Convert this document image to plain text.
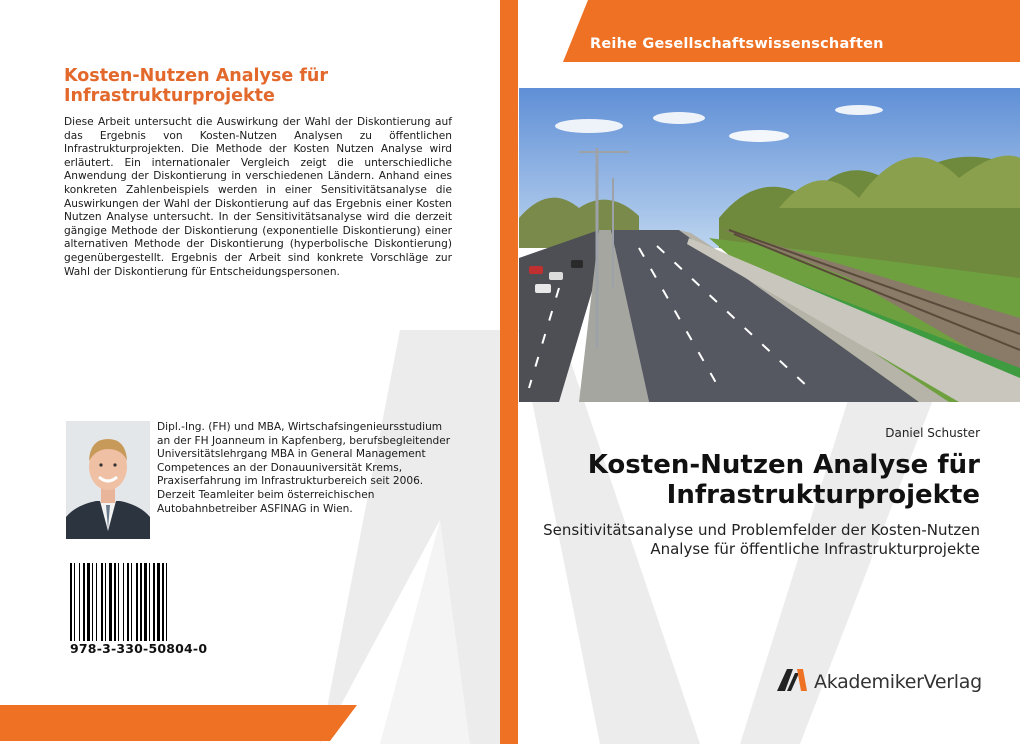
Kosten-Nutzen Analyse für Infrastrukturprojekte
Diese Arbeit untersucht die Auswirkung der Wahl der Diskontierung auf das Ergebnis von Kosten-Nutzen Analysen zu öffentlichen Infrastrukturprojekten. Die Methode der Kosten Nutzen Analyse wird erläutert. Ein internationaler Vergleich zeigt die unterschiedliche Anwendung der Diskontierung in verschiedenen Ländern. Anhand eines konkreten Zahlenbeispiels werden in einer Sensitivitätsanalyse die Auswirkungen der Wahl der Diskontierung auf das Ergebnis einer Kosten Nutzen Analyse untersucht. In der Sensitivitätsanalyse wird die derzeit gängige Methode der Diskontierung (exponentielle Diskontierung) einer alternativen Methode der Diskontierung (hyperbolische Diskontierung) gegenübergestellt. Ergebnis der Arbeit sind konkrete Vorschläge zur Wahl der Diskontierung für Entscheidungspersonen.
Dipl.-Ing. (FH) und MBA, Wirtschafsingenieursstudium an der FH Joanneum in Kapfenberg, berufsbegleitender Universitätslehrgang MBA in General Management Competences an der Donauuniversität Krems, Praxiserfahrung im Infrastrukturbereich seit 2006. Derzeit Teamleiter beim österreichischen Autobahnbetreiber ASFINAG in Wien.
978-3-330-50804-0
Reihe Gesellschaftswissenschaften
Daniel Schuster
Kosten-Nutzen Analyse für Infrastrukturprojekte
Sensitivitätsanalyse und Problemfelder der Kosten-Nutzen Analyse für öffentliche Infrastrukturprojekte
AkademikerVerlag
